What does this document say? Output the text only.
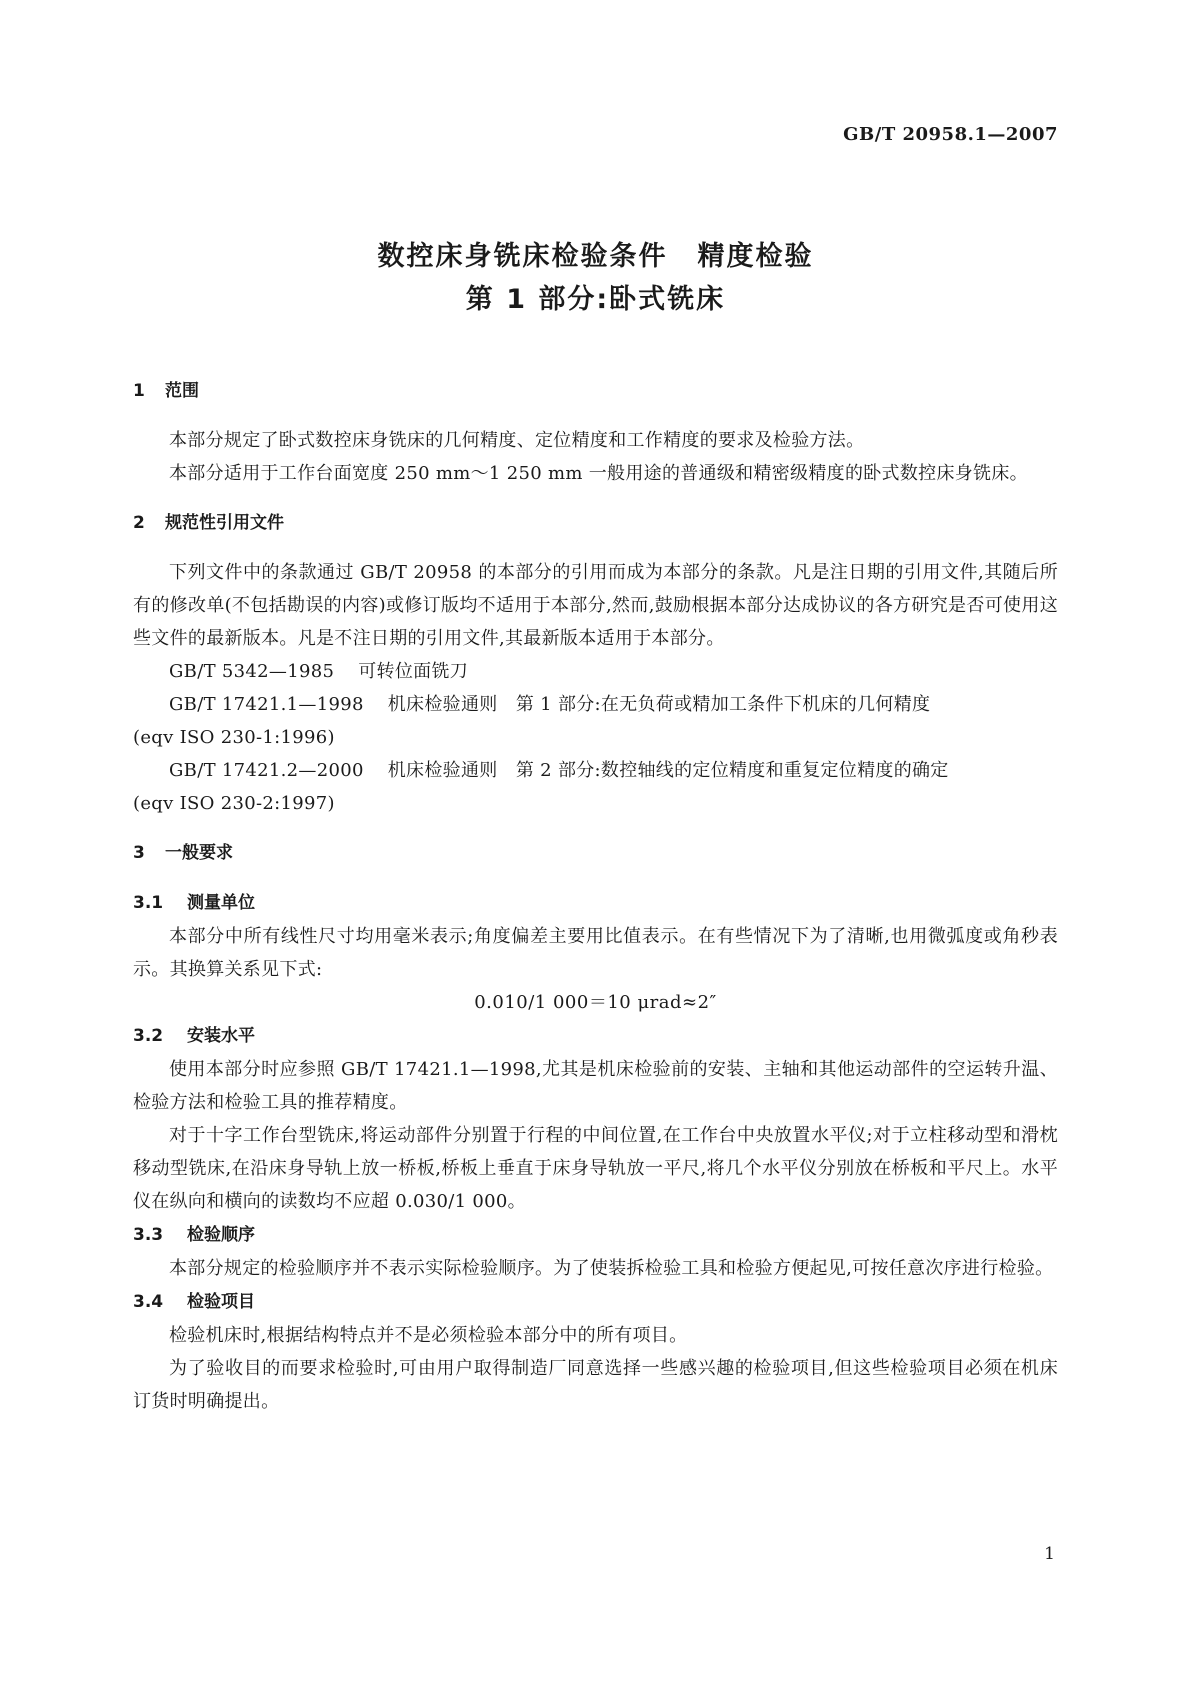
GB/T 20958.1—2007
数控床身铣床检验条件 精度检验
第 1 部分:卧式铣床
1 范围

本部分规定了卧式数控床身铣床的几何精度、定位精度和工作精度的要求及检验方法。

本部分适用于工作台面宽度 250 mm～1 250 mm 一般用途的普通级和精密级精度的卧式数控床身铣床。

2 规范性引用文件

下列文件中的条款通过 GB/T 20958 的本部分的引用而成为本部分的条款。凡是注日期的引用文件,其随后所有的修改单(不包括勘误的内容)或修订版均不适用于本部分,然而,鼓励根据本部分达成协议的各方研究是否可使用这些文件的最新版本。凡是不注日期的引用文件,其最新版本适用于本部分。

GB/T 5342—1985 可转位面铣刀

GB/T 17421.1—1998 机床检验通则　第 1 部分:在无负荷或精加工条件下机床的几何精度

(eqv ISO 230-1:1996)

GB/T 17421.2—2000 机床检验通则　第 2 部分:数控轴线的定位精度和重复定位精度的确定

(eqv ISO 230-2:1997)

3 一般要求
3.1 测量单位

本部分中所有线性尺寸均用毫米表示;角度偏差主要用比值表示。在有些情况下为了清晰,也用微弧度或角秒表示。其换算关系见下式:

0.010/1 000＝10 μrad≈2″

3.2 安装水平

使用本部分时应参照 GB/T 17421.1—1998,尤其是机床检验前的安装、主轴和其他运动部件的空运转升温、检验方法和检验工具的推荐精度。

对于十字工作台型铣床,将运动部件分别置于行程的中间位置,在工作台中央放置水平仪;对于立柱移动型和滑枕移动型铣床,在沿床身导轨上放一桥板,桥板上垂直于床身导轨放一平尺,将几个水平仪分别放在桥板和平尺上。水平仪在纵向和横向的读数均不应超 0.030/1 000。

3.3 检验顺序

本部分规定的检验顺序并不表示实际检验顺序。为了使装拆检验工具和检验方便起见,可按任意次序进行检验。

3.4 检验项目

检验机床时,根据结构特点并不是必须检验本部分中的所有项目。

为了验收目的而要求检验时,可由用户取得制造厂同意选择一些感兴趣的检验项目,但这些检验项目必须在机床订货时明确提出。

1
